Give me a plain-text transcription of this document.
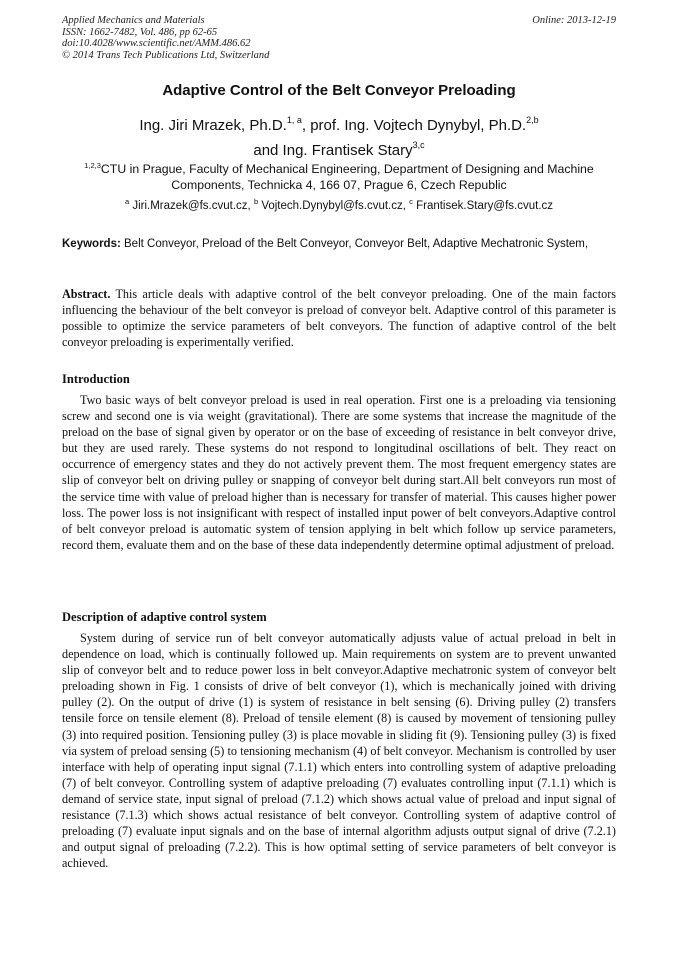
Applied Mechanics and Materials
ISSN: 1662-7482, Vol. 486, pp 62-65
doi:10.4028/www.scientific.net/AMM.486.62
© 2014 Trans Tech Publications Ltd, Switzerland
Online: 2013-12-19
Adaptive Control of the Belt Conveyor Preloading
Ing. Jiri Mrazek, Ph.D.$^{1, a}$, prof. Ing. Vojtech Dynybyl, Ph.D.$^{2,b}$
and Ing. Frantisek Stary$^{3,c}$
$^{1,2,3}$CTU in Prague, Faculty of Mechanical Engineering, Department of Designing and Machine Components, Technicka 4, 166 07, Prague 6, Czech Republic
$^a$ Jiri.Mrazek@fs.cvut.cz, $^b$ Vojtech.Dynybyl@fs.cvut.cz, $^c$ Frantisek.Stary@fs.cvut.cz
Keywords: Belt Conveyor, Preload of the Belt Conveyor, Conveyor Belt, Adaptive Mechatronic System,
Abstract. This article deals with adaptive control of the belt conveyor preloading. One of the main factors influencing the behaviour of the belt conveyor is preload of conveyor belt. Adaptive control of this parameter is possible to optimize the service parameters of belt conveyors. The function of adaptive control of the belt conveyor preloading is experimentally verified.
Introduction
Two basic ways of belt conveyor preload is used in real operation. First one is a preloading via tensioning screw and second one is via weight (gravitational). There are some systems that increase the magnitude of the preload on the base of signal given by operator or on the base of exceeding of resistance in belt conveyor drive, but they are used rarely. These systems do not respond to longitudinal oscillations of belt. They react on occurrence of emergency states and they do not actively prevent them. The most frequent emergency states are slip of conveyor belt on driving pulley or snapping of conveyor belt during start.All belt conveyors run most of the service time with value of preload higher than is necessary for transfer of material. This causes higher power loss. The power loss is not insignificant with respect of installed input power of belt conveyors.Adaptive control of belt conveyor preload is automatic system of tension applying in belt which follow up service parameters, record them, evaluate them and on the base of these data independently determine optimal adjustment of preload.
Description of adaptive control system
System during of service run of belt conveyor automatically adjusts value of actual preload in belt in dependence on load, which is continually followed up. Main requirements on system are to prevent unwanted slip of conveyor belt and to reduce power loss in belt conveyor.Adaptive mechatronic system of conveyor belt preloading shown in Fig. 1 consists of drive of belt conveyor (1), which is mechanically joined with driving pulley (2). On the output of drive (1) is system of resistance in belt sensing (6). Driving pulley (2) transfers tensile force on tensile element (8). Preload of tensile element (8) is caused by movement of tensioning pulley (3) into required position. Tensioning pulley (3) is place movable in sliding fit (9). Tensioning pulley (3) is fixed via system of preload sensing (5) to tensioning mechanism (4) of belt conveyor. Mechanism is controlled by user interface with help of operating input signal (7.1.1) which enters into controlling system of adaptive preloading (7) of belt conveyor. Controlling system of adaptive preloading (7) evaluates controlling input (7.1.1) which is demand of service state, input signal of preload (7.1.2) which shows actual value of preload and input signal of resistance (7.1.3) which shows actual resistance of belt conveyor. Controlling system of adaptive control of preloading (7) evaluate input signals and on the base of internal algorithm adjusts output signal of drive (7.2.1) and output signal of preloading (7.2.2). This is how optimal setting of service parameters of belt conveyor is achieved.
